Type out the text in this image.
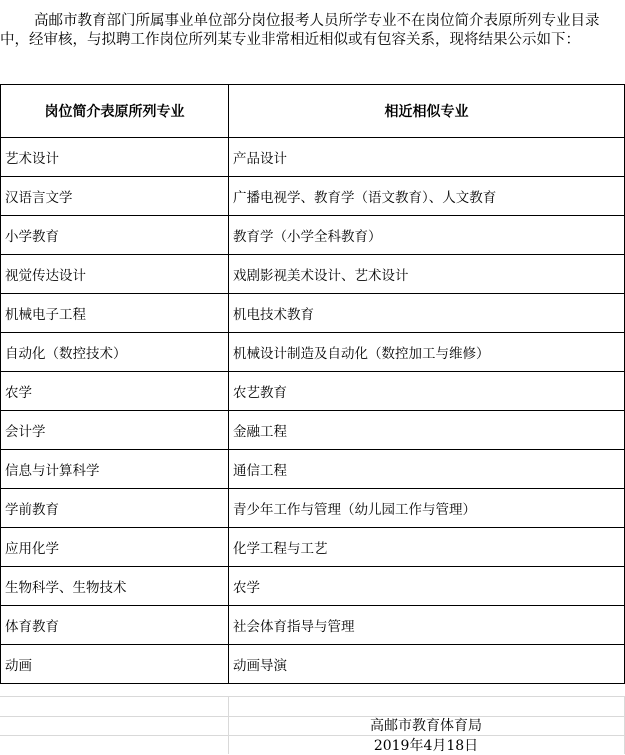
高邮市教育部门所属事业单位部分岗位报考人员所学专业不在岗位简介表原所列专业目录中，经审核，与拟聘工作岗位所列某专业非常相近相似或有包容关系，现将结果公示如下：
岗位简介表原所列专业	相近相似专业
艺术设计	产品设计
汉语言文学	广播电视学、教育学（语文教育）、人文教育
小学教育	教育学（小学全科教育）
视觉传达设计	戏剧影视美术设计、艺术设计
机械电子工程	机电技术教育
自动化（数控技术）	机械设计制造及自动化（数控加工与维修）
农学	农艺教育
会计学	金融工程
信息与计算科学	通信工程
学前教育	青少年工作与管理（幼儿园工作与管理）
应用化学	化学工程与工艺
生物科学、生物技术	农学
体育教育	社会体育指导与管理
动画	动画导演
高邮市教育体育局
2019年4月18日
